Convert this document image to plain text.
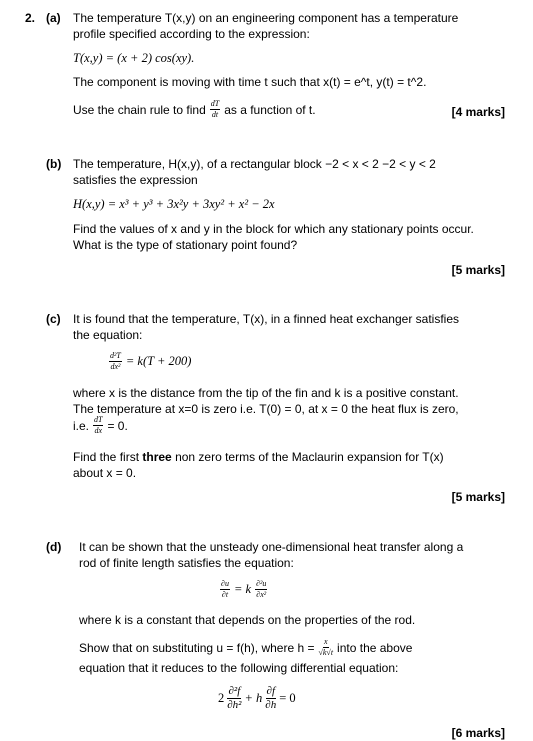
2. (a) The temperature T(x,y) on an engineering component has a temperature
profile specified according to the expression:
T(x,y) = (x + 2) cos(xy).
The component is moving with time t such that x(t) = e^t, y(t) = t^2.
Use the chain rule to find $\frac{dT}{dt}$ as a function of t.	[4 marks]
(b) The temperature, H(x,y), of a rectangular block −2 < x < 2 −2 < y < 2
satisfies the expression
H(x,y) = x³ + y³ + 3x²y + 3xy² + x² − 2x
Find the values of x and y in the block for which any stationary points occur.
What is the type of stationary point found?
[5 marks]
(c) It is found that the temperature, T(x), in a finned heat exchanger satisfies
the equation:
$\frac{\text{d²T}}{\text{dx²}} = k(T + 200)$
where x is the distance from the tip of the fin and k is a positive constant.
The temperature at x=0 is zero i.e. T(0) = 0, at x = 0 the heat flux is zero,
i.e. $\frac{dT}{dx} = 0$.
Find the first three non zero terms of the Maclaurin expansion for T(x)
about x = 0.
[5 marks]
(d) It can be shown that the unsteady one-dimensional heat transfer along a
rod of finite length satisfies the equation:
$\frac{\partial u}{\partial t} = k \frac{\text{∂²u}}{\text{∂x²}}$
where k is a constant that depends on the properties of the rod.
Show that on substituting u = f(h), where $h = \frac{x}{√k√t}$ into the above
equation that it reduces to the following differential equation:
$2 \frac{\text{∂²f}}{\text{∂h²}} + h \frac{\partial f}{\partial h} = 0$
[6 marks]
